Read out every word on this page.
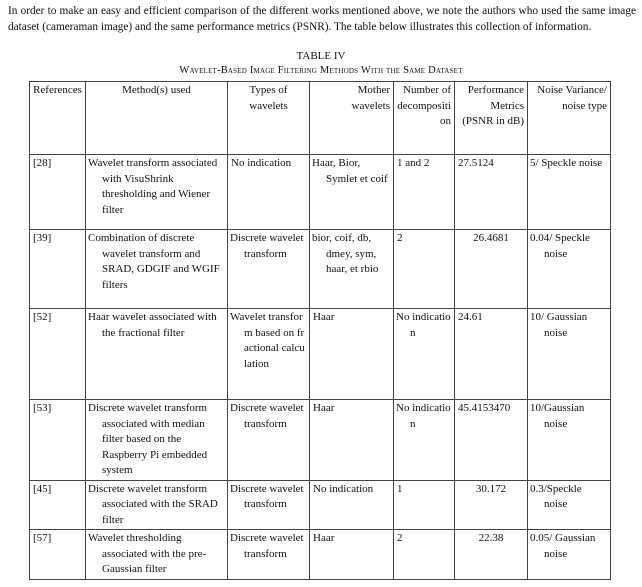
In order to make an easy and efficient comparison of the different works mentioned above, we note the authors who used the same image dataset (cameraman image) and the same performance metrics (PSNR). The table below illustrates this collection of information.

TABLE IV
Wavelet-Based Image Filtering Methods With the Same Dataset
References	Method(s) used	Types of wavelets	Mother wavelets	Number of decomposition	Performance Metrics (PSNR in dB)	Noise Variance/ noise type

[28]	Wavelet transform associated with VisuShrink thresholding and Wiener filter	No indication	Haar, Bior, Symlet et coif	1 and 2	27.5124	5/ Speckle noise
[39]	Combination of discrete wavelet transform and SRAD, GDGIF and WGIF filters	Discrete wavelet transform	bior, coif, db, dmey, sym, haar, et rbio	2	26.4681	0.04/ Speckle noise
[52]	Haar wavelet associated with the fractional filter	Wavelet transform based on fractional calculation	Haar	No indication	24.61	10/ Gaussian noise
[53]	Discrete wavelet transform associated with median filter based on the Raspberry Pi embedded system	Discrete wavelet transform	Haar	No indication	45.4153470	10/Gaussian noise
[45]	Discrete wavelet transform associated with the SRAD filter	Discrete wavelet transform	No indication	1	30.172	0.3/Speckle noise
[57]	Wavelet thresholding associated with the pre-Gaussian filter	Discrete wavelet transform	Haar	2	22.38	0.05/ Gaussian noise
